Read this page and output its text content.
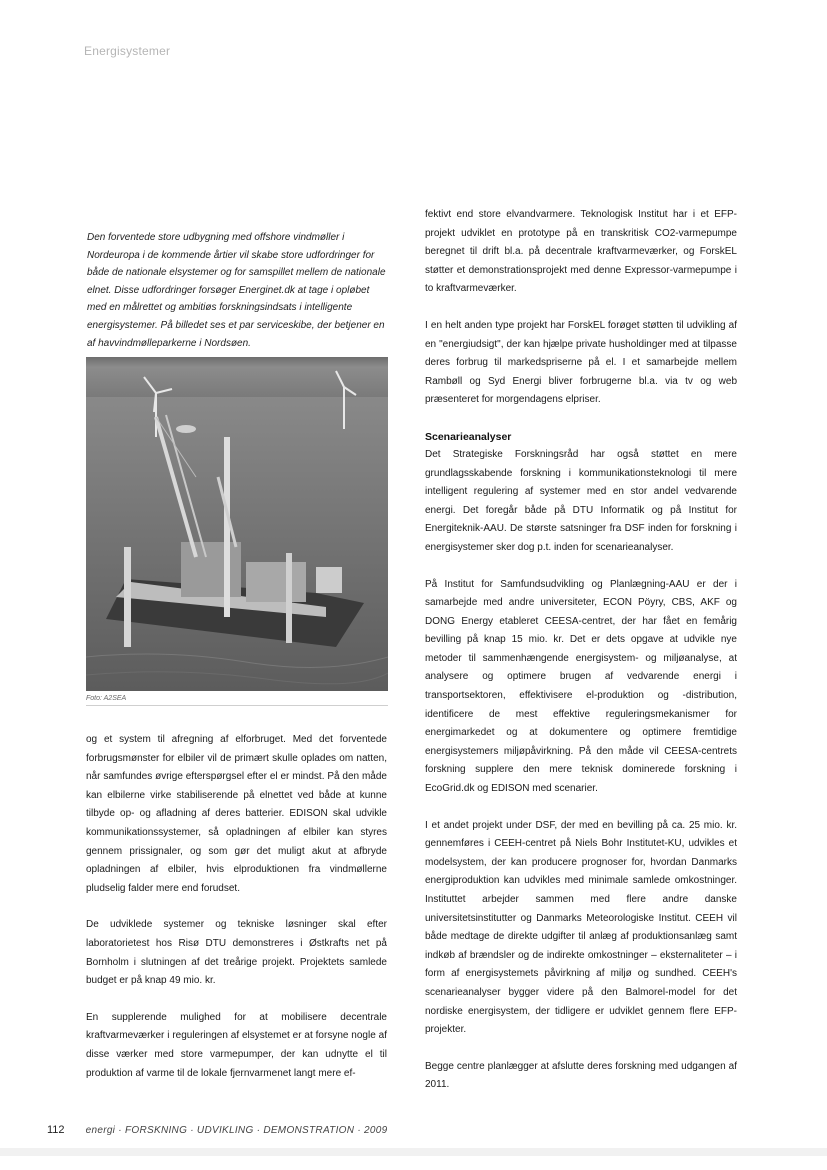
Energisystemer

Den forventede store udbygning med offshore vindmøller i Nordeuropa i de kommende årtier vil skabe store udfordringer for både de nationale elsystemer og for samspillet mellem de nationale elnet. Disse udfordringer forsøger Energinet.dk at tage i opløbet med en målrettet og ambitiøs forskningsindsats i intelligente energisystemer. På billedet ses et par serviceskibe, der betjener en af havvindmølleparkerne i Nordsøen.

Foto: A2SEA

og et system til afregning af elforbruget. Med det forventede forbrugsmønster for elbiler vil de primært skulle oplades om natten, når samfundes øvrige efterspørgsel efter el er mindst. På den måde kan elbilerne virke stabiliserende på elnettet ved både at kunne tilbyde op- og afladning af deres batterier. EDISON skal udvikle kommunikationssystemer, så opladningen af elbiler kan styres gennem prissignaler, og som gør det muligt akut at afbryde opladningen af elbiler, hvis elproduktionen fra vindmøllerne pludselig falder mere end forudset.

De udviklede systemer og tekniske løsninger skal efter laboratorietest hos Risø DTU demonstreres i Østkrafts net på Bornholm i slutningen af det treårige projekt. Projektets samlede budget er på knap 49 mio. kr.

En supplerende mulighed for at mobilisere decentrale kraftvarmeværker i reguleringen af elsystemet er at forsyne nogle af disse værker med store varmepumper, der kan udnytte el til produktion af varme til de lokale fjernvarmenet langt mere ef-

fektivt end store elvandvarmere. Teknologisk Institut har i et EFP-projekt udviklet en prototype på en transkritisk CO2-varmepumpe beregnet til drift bl.a. på decentrale kraftvarmeværker, og ForskEL støtter et demonstrationsprojekt med denne Expressor-varmepumpe i to kraftvarmeværker.

I en helt anden type projekt har ForskEL forøget støtten til udvikling af en "energiudsigt", der kan hjælpe private husholdinger med at tilpasse deres forbrug til markedspriserne på el. I et samarbejde mellem Rambøll og Syd Energi bliver forbrugerne bl.a. via tv og web præsenteret for morgendagens elpriser.

Scenarieanalyser

Det Strategiske Forskningsråd har også støttet en mere grundlagsskabende forskning i kommunikationsteknologi til mere intelligent regulering af systemer med en stor andel vedvarende energi. Det foregår både på DTU Informatik og på Institut for Energiteknik-AAU. De største satsninger fra DSF inden for forskning i energisystemer sker dog p.t. inden for scenarieanalyser.

På Institut for Samfundsudvikling og Planlægning-AAU er der i samarbejde med andre universiteter, ECON Pöyry, CBS, AKF og DONG Energy etableret CEESA-centret, der har fået en femårig bevilling på knap 15 mio. kr. Det er dets opgave at udvikle nye metoder til sammenhængende energisystem- og miljøanalyse, at analysere og optimere brugen af vedvarende energi i transportsektoren, effektivisere el-produktion og -distribution, identificere de mest effektive reguleringsmekanismer for energimarkedet og at dokumentere og optimere fremtidige energisystemers miljøpåvirkning. På den måde vil CEESA-centrets forskning supplere den mere teknisk dominerede forskning i EcoGrid.dk og EDISON med scenarier.

I et andet projekt under DSF, der med en bevilling på ca. 25 mio. kr. gennemføres i CEEH-centret på Niels Bohr Institutet-KU, udvikles et modelsystem, der kan producere prognoser for, hvordan Danmarks energiproduktion kan udvikles med minimale samlede omkostninger. Instituttet arbejder sammen med flere andre danske universitetsinstitutter og Danmarks Meteorologiske Institut. CEEH vil både medtage de direkte udgifter til anlæg af produktionsanlæg samt indkøb af brændsler og de indirekte omkostninger – eksternaliteter – i form af energisystemets påvirkning af miljø og sundhed. CEEH's scenarieanalyser bygger videre på den Balmorel-model for det nordiske energisystem, der tidligere er udviklet gennem flere EFP-projekter.

Begge centre planlægger at afslutte deres forskning med udgangen af 2011.

112 energi · FORSKNING · UDVIKLING · DEMONSTRATION · 2009
